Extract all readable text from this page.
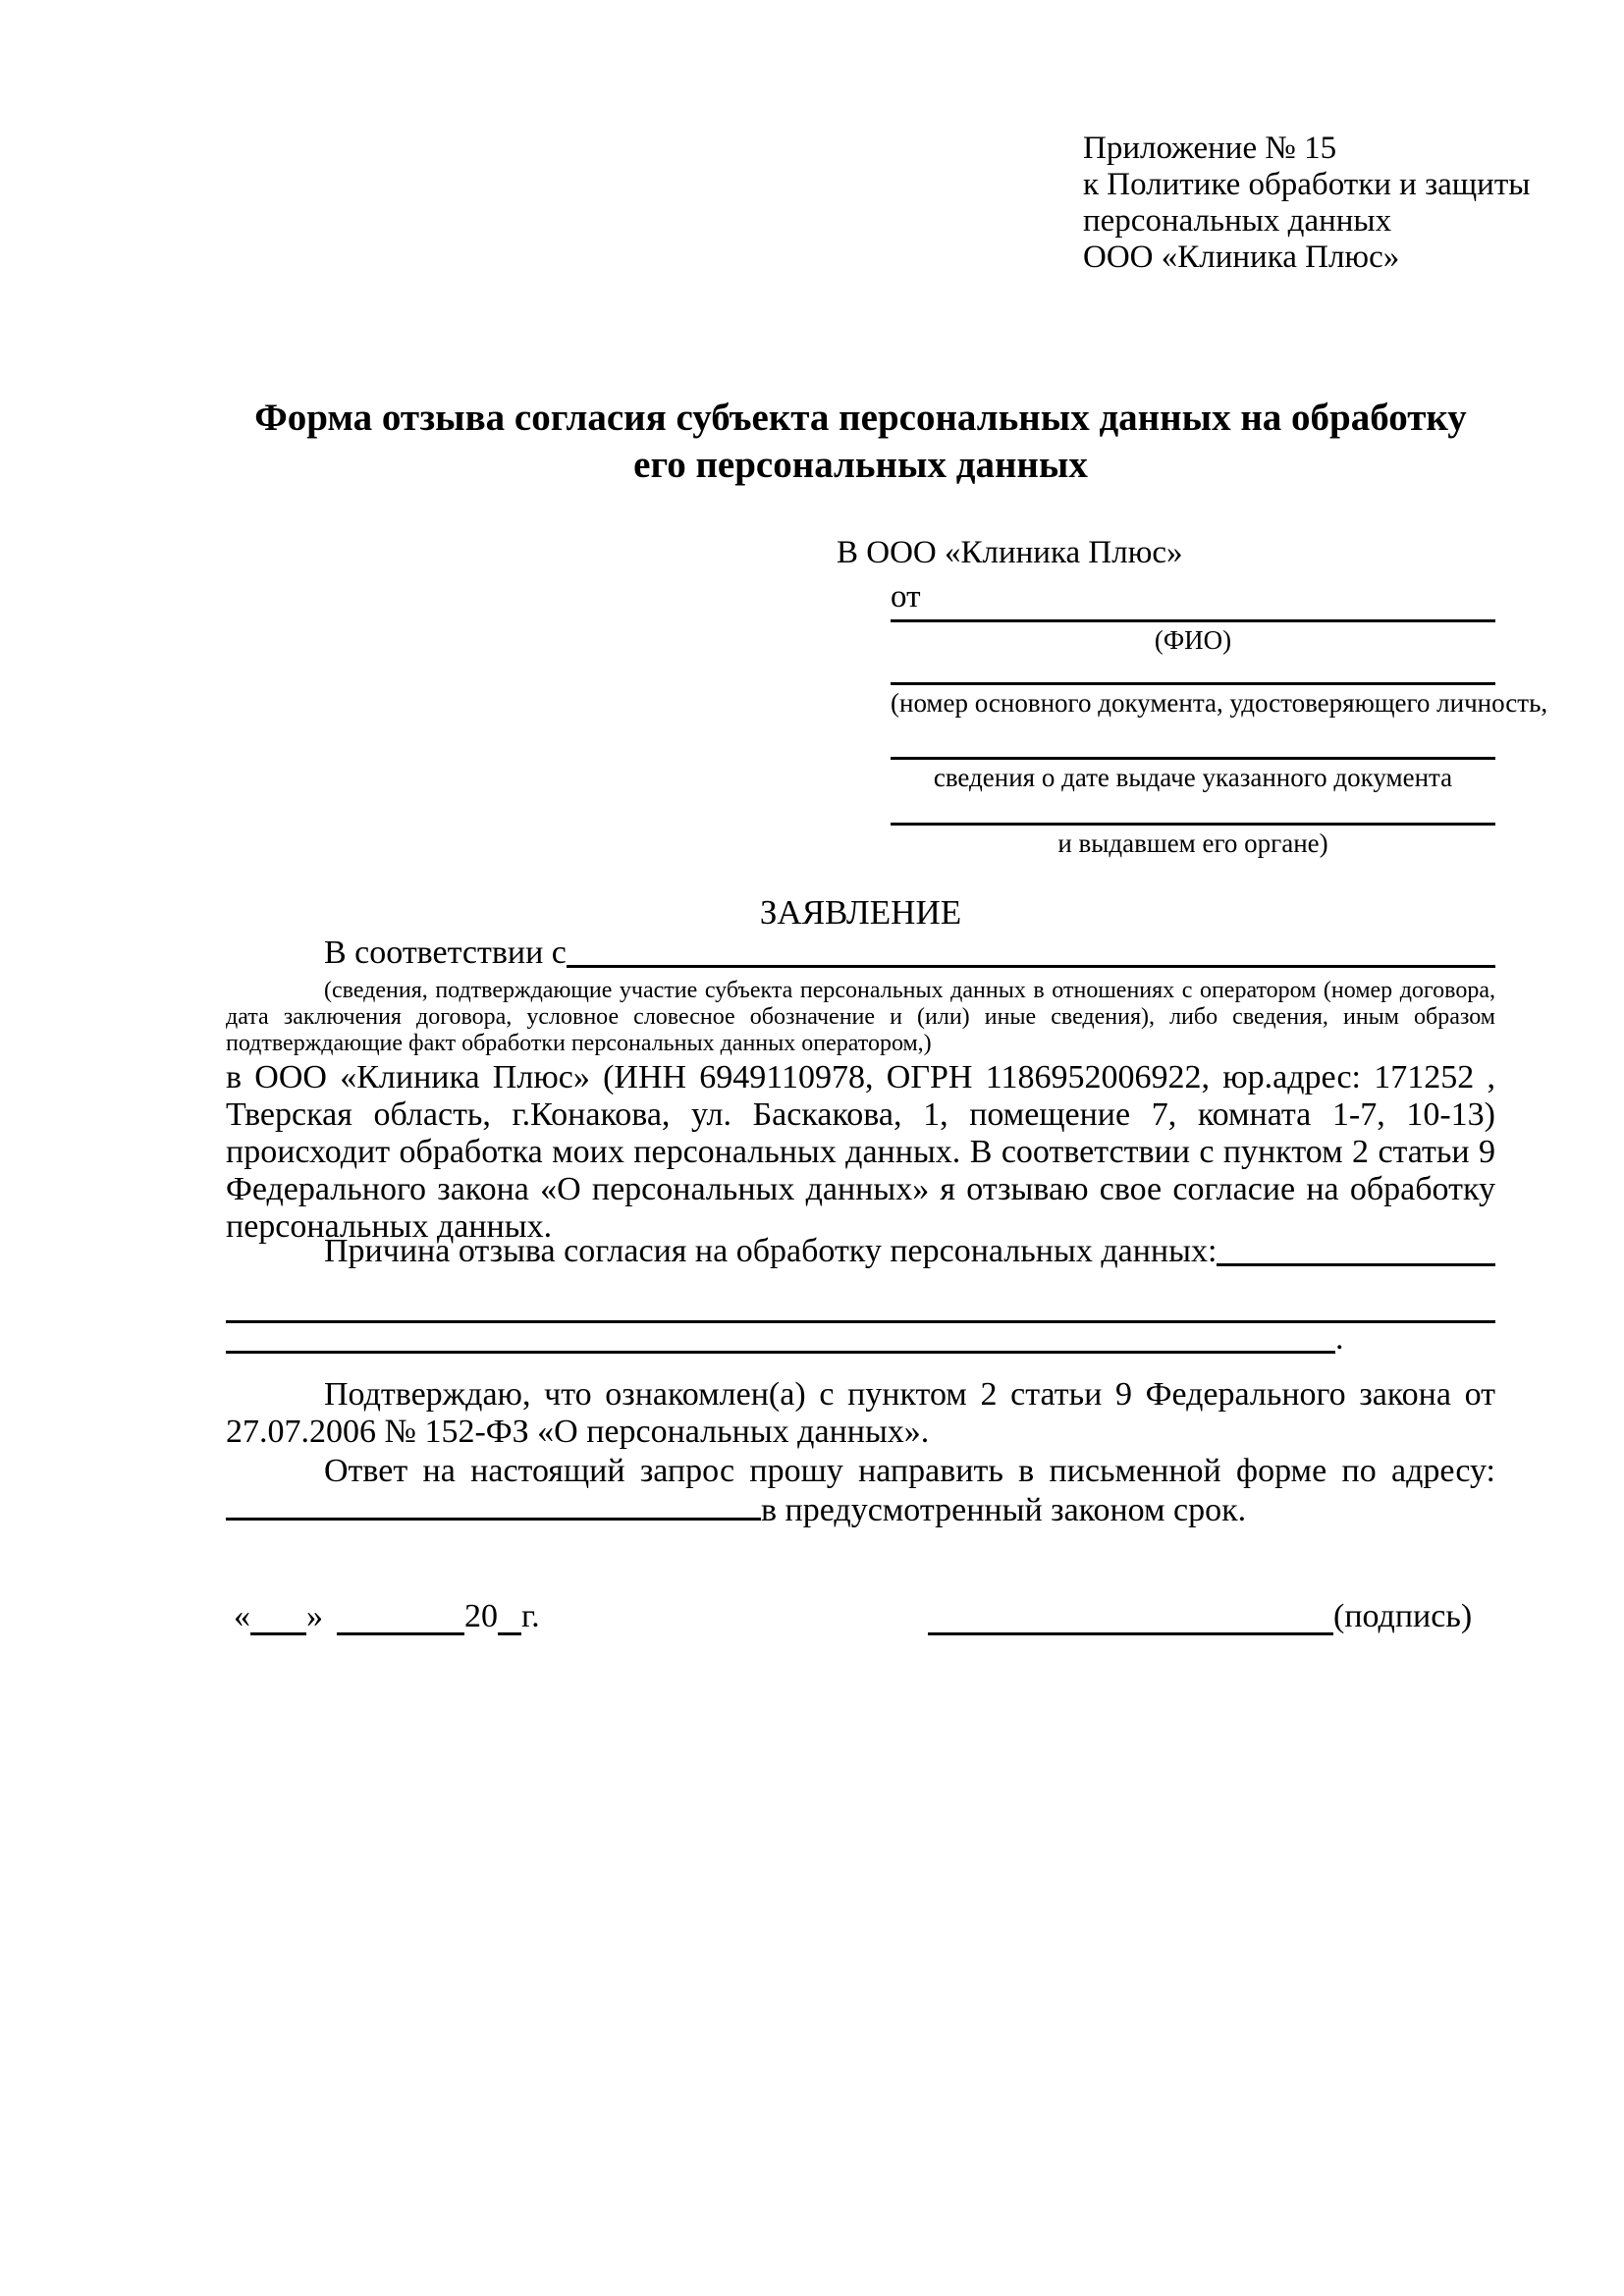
Приложение № 15
к Политике обработки и защиты
персональных данных
ООО «Клиника Плюс»
Форма отзыва согласия субъекта персональных данных на обработку его персональных данных
В ООО «Клиника Плюс»
от
(ФИО)
(номер основного документа, удостоверяющего личность,
сведения о дате выдаче указанного документа
и выдавшем его органе)
ЗАЯВЛЕНИЕ
В соответствии с
(сведения, подтверждающие участие субъекта персональных данных в отношениях с оператором (номер договора, дата заключения договора, условное словесное обозначение и (или) иные сведения), либо сведения, иным образом подтверждающие факт обработки персональных данных оператором,)
в ООО «Клиника Плюс» (ИНН 6949110978, ОГРН 1186952006922, юр.адрес: 171252 , Тверская область, г.Конакова, ул. Баскакова, 1, помещение 7, комната 1-7, 10-13) происходит обработка моих персональных данных. В соответствии с пунктом 2 статьи 9 Федерального закона «О персональных данных» я отзываю свое согласие на обработку персональных данных.
Причина отзыва согласия на обработку персональных данных:
.
Подтверждаю, что ознакомлен(а) с пунктом 2 статьи 9 Федерального закона от 27.07.2006 № 152-ФЗ «О персональных данных».
Ответ на настоящий запрос прошу направить в письменной форме по адресу: в предусмотренный законом срок.
« »	20 г.	(подпись)
